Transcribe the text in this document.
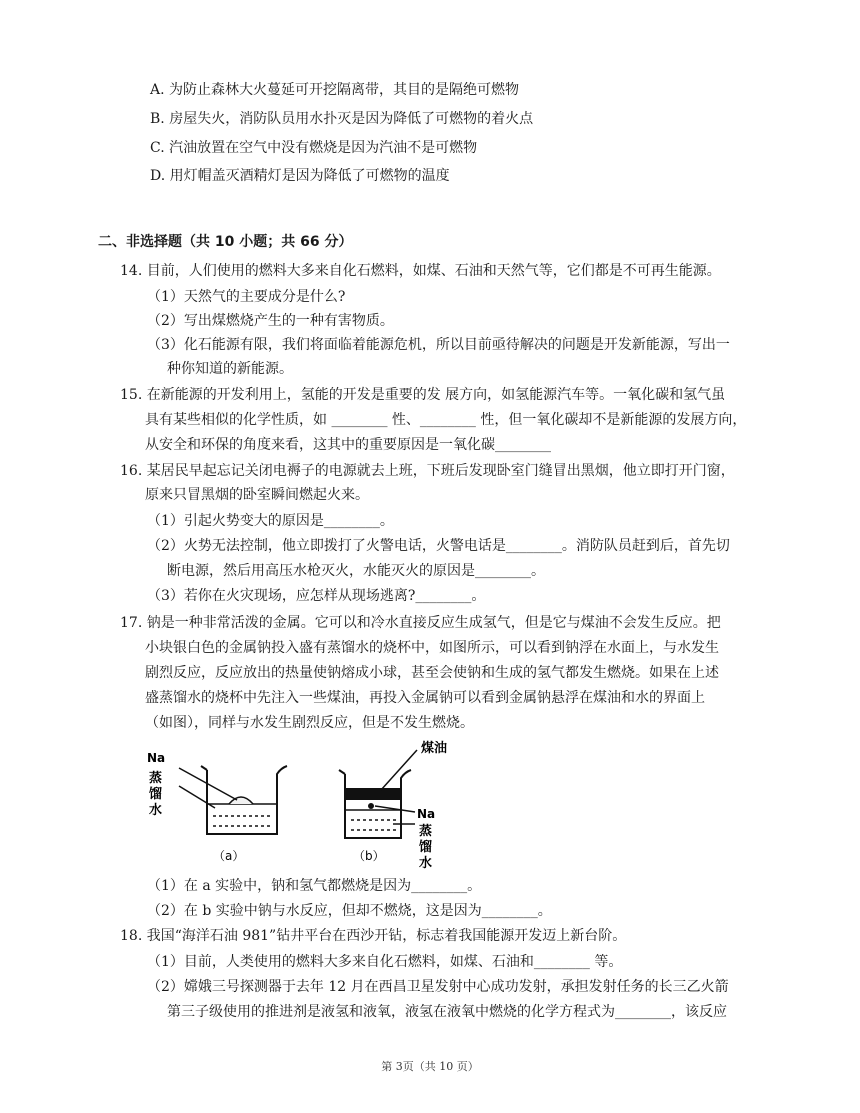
A. 为防止森林大火蔓延可开挖隔离带，其目的是隔绝可燃物
B. 房屋失火，消防队员用水扑灭是因为降低了可燃物的着火点
C. 汽油放置在空气中没有燃烧是因为汽油不是可燃物
D. 用灯帽盖灭酒精灯是因为降低了可燃物的温度
二、非选择题（共 10 小题；共 66 分）
14. 目前，人们使用的燃料大多来自化石燃料，如煤、石油和天然气等，它们都是不可再生能源。
（1）天然气的主要成分是什么?
（2）写出煤燃烧产生的一种有害物质。
（3）化石能源有限，我们将面临着能源危机，所以目前亟待解决的问题是开发新能源，写出一
种你知道的新能源。
15. 在新能源的开发利用上，氢能的开发是重要的发 展方向，如氢能源汽车等。一氧化碳和氢气虽
具有某些相似的化学性质，如 ________ 性、________ 性，但一氧化碳却不是新能源的发展方向，
从安全和环保的角度来看，这其中的重要原因是一氧化碳________
16. 某居民早起忘记关闭电褥子的电源就去上班，下班后发现卧室门缝冒出黑烟，他立即打开门窗，
原来只冒黑烟的卧室瞬间燃起火来。
（1）引起火势变大的原因是________。
（2）火势无法控制，他立即拨打了火警电话，火警电话是________。消防队员赶到后，首先切
断电源，然后用高压水枪灭火，水能灭火的原因是________。
（3）若你在火灾现场，应怎样从现场逃离?________。
17. 钠是一种非常活泼的金属。它可以和冷水直接反应生成氢气，但是它与煤油不会发生反应。把
小块银白色的金属钠投入盛有蒸馏水的烧杯中，如图所示，可以看到钠浮在水面上，与水发生
剧烈反应，反应放出的热量使钠熔成小球，甚至会使钠和生成的氢气都发生燃烧。如果在上述
盛蒸馏水的烧杯中先注入一些煤油，再投入金属钠可以看到金属钠悬浮在煤油和水的界面上
（如图），同样与水发生剧烈反应，但是不发生燃烧。
Na
蒸
馏
水
（a）
煤油
Na
蒸
馏
水
（b）
（1）在 a 实验中，钠和氢气都燃烧是因为________。
（2）在 b 实验中钠与水反应，但却不燃烧，这是因为________。
18. 我国“海洋石油 981”钻井平台在西沙开钻，标志着我国能源开发迈上新台阶。
（1）目前，人类使用的燃料大多来自化石燃料，如煤、石油和________ 等。
（2）嫦娥三号探测器于去年 12 月在西昌卫星发射中心成功发射，承担发射任务的长三乙火箭
第三子级使用的推进剂是液氢和液氧，液氢在液氧中燃烧的化学方程式为________，该反应
第 3页（共 10 页）
